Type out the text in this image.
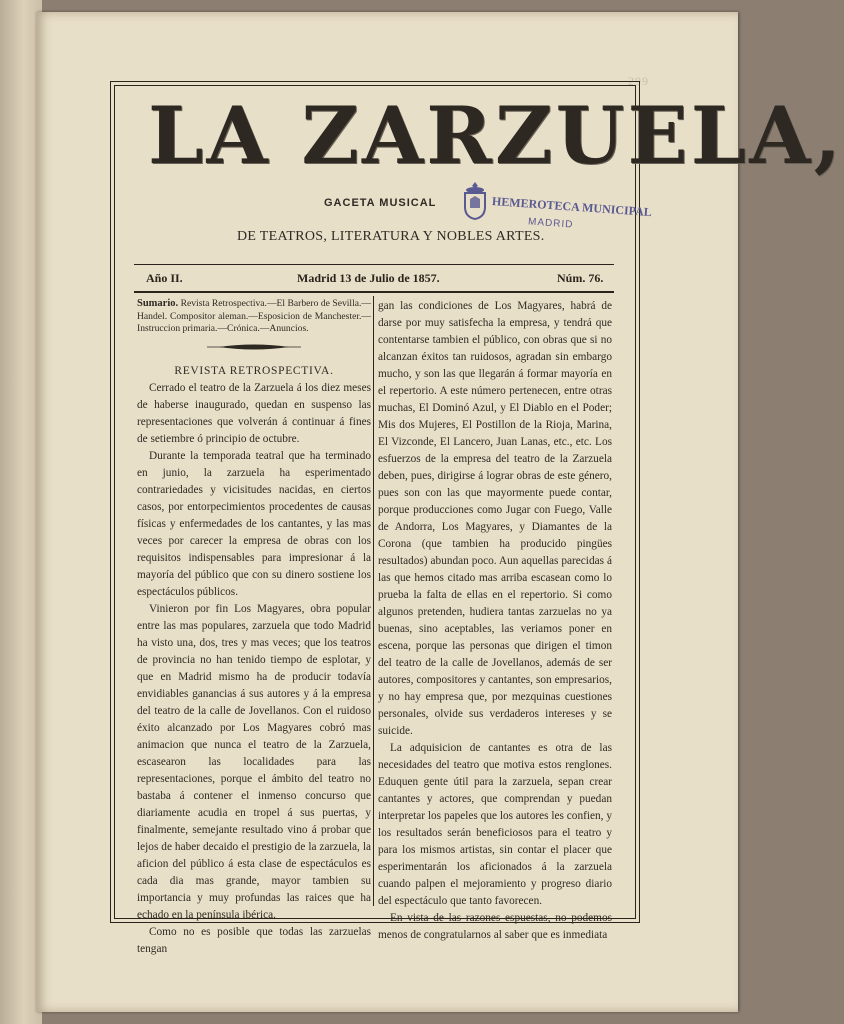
299
LA ZARZUELA,
GACETA MUSICAL
DE TEATROS, LITERATURA Y NOBLES ARTES.
HEMEROTECA MUNICIPAL
MADRID
Año II.	Madrid 13 de Julio de 1857.	Núm. 76.

Sumario. Revista Retrospectiva.—El Barbero de Sevilla.—Handel. Compositor aleman.—Esposicion de Manchester.—Instruccion primaria.—Crónica.—Anuncios.

REVISTA RETROSPECTIVA.

Cerrado el teatro de la Zarzuela á los diez meses de haberse inaugurado, quedan en suspenso las representaciones que volverán á continuar á fines de setiembre ó principio de octubre.

Durante la temporada teatral que ha terminado en junio, la zarzuela ha esperimentado contrariedades y vicisitudes nacidas, en ciertos casos, por entorpecimientos procedentes de causas físicas y enfermedades de los cantantes, y las mas veces por carecer la empresa de obras con los requisitos indispensables para impresionar á la mayoría del público que con su dinero sostiene los espectáculos públicos.

Vinieron por fin Los Magyares, obra popular entre las mas populares, zarzuela que todo Madrid ha visto una, dos, tres y mas veces; que los teatros de provincia no han tenido tiempo de esplotar, y que en Madrid mismo ha de producir todavía envidiables ganancias á sus autores y á la empresa del teatro de la calle de Jovellanos. Con el ruidoso éxito alcanzado por Los Magyares cobró mas animacion que nunca el teatro de la Zarzuela, escasearon las localidades para las representaciones, porque el ámbito del teatro no bastaba á contener el inmenso concurso que diariamente acudia en tropel á sus puertas, y finalmente, semejante resultado vino á probar que lejos de haber decaido el prestigio de la zarzuela, la aficion del público á esta clase de espectáculos es cada dia mas grande, mayor tambien su importancia y muy profundas las raices que ha echado en la península ibérica.

Como no es posible que todas las zarzuelas tengan

gan las condiciones de Los Magyares, habrá de darse por muy satisfecha la empresa, y tendrá que contentarse tambien el público, con obras que si no alcanzan éxitos tan ruidosos, agradan sin embargo mucho, y son las que llegarán á formar mayoría en el repertorio. A este número pertenecen, entre otras muchas, El Dominó Azul, y El Diablo en el Poder; Mis dos Mujeres, El Postillon de la Rioja, Marina, El Vizconde, El Lancero, Juan Lanas, etc., etc. Los esfuerzos de la empresa del teatro de la Zarzuela deben, pues, dirigirse á lograr obras de este género, pues son con las que mayormente puede contar, porque producciones como Jugar con Fuego, Valle de Andorra, Los Magyares, y Diamantes de la Corona (que tambien ha producido pingües resultados) abundan poco. Aun aquellas parecidas á las que hemos citado mas arriba escasean como lo prueba la falta de ellas en el repertorio. Si como algunos pretenden, hudiera tantas zarzuelas no ya buenas, sino aceptables, las veriamos poner en escena, porque las personas que dirigen el timon del teatro de la calle de Jovellanos, además de ser autores, compositores y cantantes, son empresarios, y no hay empresa que, por mezquinas cuestiones personales, olvide sus verdaderos intereses y se suicide.

La adquisicion de cantantes es otra de las necesidades del teatro que motiva estos renglones. Eduquen gente útil para la zarzuela, sepan crear cantantes y actores, que comprendan y puedan interpretar los papeles que los autores les confien, y los resultados serán beneficiosos para el teatro y para los mismos artistas, sin contar el placer que esperimentarán los aficionados á la zarzuela cuando palpen el mejoramiento y progreso diario del espectáculo que tanto favorecen.

En vista de las razones espuestas, no podemos menos de congratularnos al saber que es inmediata
